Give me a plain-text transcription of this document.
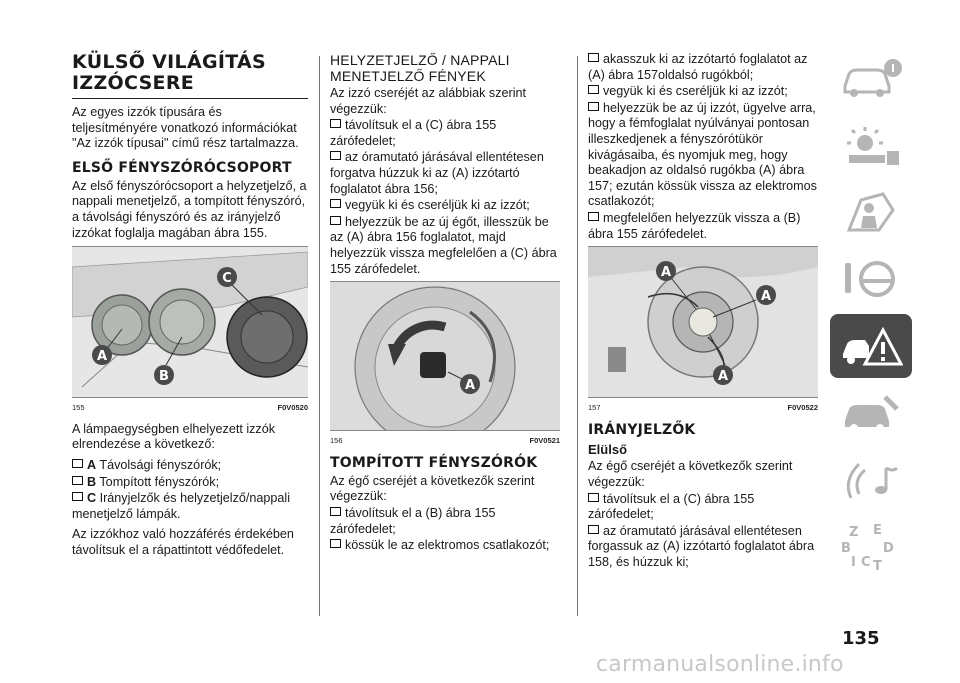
KÜLSŐ VILÁGÍTÁS IZZÓCSERE

Az egyes izzók típusára és teljesítményére vonatkozó információkat "Az izzók típusai" című rész tartalmazza.

ELSŐ FÉNYSZÓRÓCSOPORT

Az első fényszórócsoport a helyzetjelző, a nappali menetjelző, a tompított fényszóró, a távolsági fényszóró és az irányjelző izzókat foglalja magában ábra 155.

A
B
C
155	F0V0520

A lámpaegységben elhelyezett izzók elrendezése a következő:

A Távolsági fényszórók;
B Tompított fényszórók;
C Irányjelzők és helyzetjelző/nappali menetjelző lámpák.

Az izzókhoz való hozzáférés érdekében távolítsuk el a rápattintott védőfedelet.

HELYZETJELZŐ / NAPPALI MENETJELZŐ FÉNYEK

Az izzó cseréjét az alábbiak szerint végezzük:

távolítsuk el a (C) ábra 155 zárófedelet;
az óramutató járásával ellentétesen forgatva húzzuk ki az (A) izzótartó foglalatot ábra 156;
vegyük ki és cseréljük ki az izzót;
helyezzük be az új égőt, illesszük be az (A) ábra 156 foglalatot, majd helyezzük vissza megfelelően a (C) ábra 155 zárófedelet.
A
156	F0V0521
TOMPÍTOTT FÉNYSZÓRÓK

Az égő cseréjét a következők szerint végezzük:

távolítsuk el a (B) ábra 155 zárófedelet;
kössük le az elektromos csatlakozót;
akasszuk ki az izzótartó foglalatot az (A) ábra 157oldalsó rugókból;
vegyük ki és cseréljük ki az izzót;
helyezzük be az új izzót, ügyelve arra, hogy a fémfoglalat nyúlványai pontosan illeszkedjenek a fényszórótükör kivágásaiba, és nyomjuk meg, hogy beakadjon az oldalsó rugókba (A) ábra 157; ezután kössük vissza az elektromos csatlakozót;
megfelelően helyezzük vissza a (B) ábra 155 zárófedelet.
A
A
A
157	F0V0522
IRÁNYJELZŐK
Elülső

Az égő cseréjét a következők szerint végezzük:

távolítsuk el a (C) ábra 155 zárófedelet;
az óramutató járásával ellentétesen forgassuk az (A) izzótartó foglalatot ábra 158, és húzzuk ki;
Z E
B D
I C T
135
carmanualsonline.info
